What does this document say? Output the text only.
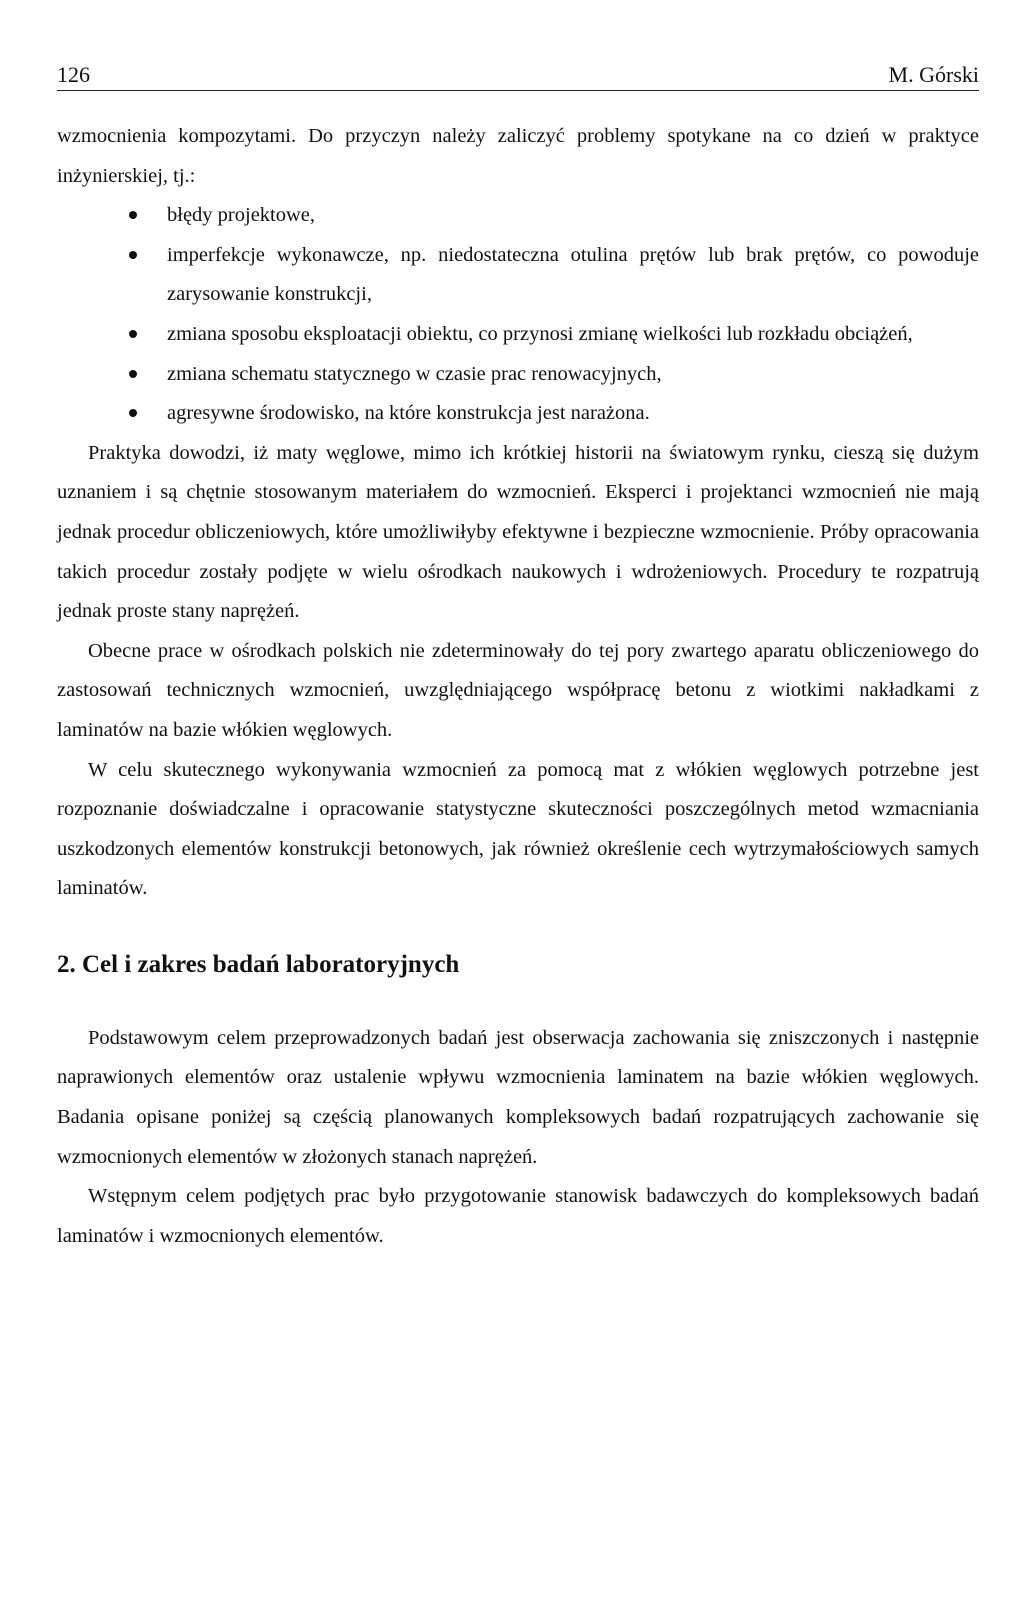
126	M. Górski

wzmocnienia kompozytami. Do przyczyn należy zaliczyć problemy spotykane na co dzień w praktyce inżynierskiej, tj.:

błędy projektowe,
imperfekcje wykonawcze, np. niedostateczna otulina prętów lub brak prętów, co powoduje zarysowanie konstrukcji,
zmiana sposobu eksploatacji obiektu, co przynosi zmianę wielkości lub rozkładu obciążeń,
zmiana schematu statycznego w czasie prac renowacyjnych,
agresywne środowisko, na które konstrukcja jest narażona.

Praktyka dowodzi, iż maty węglowe, mimo ich krótkiej historii na światowym rynku, cieszą się dużym uznaniem i są chętnie stosowanym materiałem do wzmocnień. Eksperci i projektanci wzmocnień nie mają jednak procedur obliczeniowych, które umożliwiłyby efektywne i bezpieczne wzmocnienie. Próby opracowania takich procedur zostały podjęte w wielu ośrodkach naukowych i wdrożeniowych. Procedury te rozpatrują jednak proste stany naprężeń.

Obecne prace w ośrodkach polskich nie zdeterminowały do tej pory zwartego aparatu obliczeniowego do zastosowań technicznych wzmocnień, uwzględniającego współpracę betonu z wiotkimi nakładkami z laminatów na bazie włókien węglowych.

W celu skutecznego wykonywania wzmocnień za pomocą mat z włókien węglowych potrzebne jest rozpoznanie doświadczalne i opracowanie statystyczne skuteczności poszczególnych metod wzmacniania uszkodzonych elementów konstrukcji betonowych, jak również określenie cech wytrzymałościowych samych laminatów.

2. Cel i zakres badań laboratoryjnych

Podstawowym celem przeprowadzonych badań jest obserwacja zachowania się zniszczonych i następnie naprawionych elementów oraz ustalenie wpływu wzmocnienia laminatem na bazie włókien węglowych. Badania opisane poniżej są częścią planowanych kompleksowych badań rozpatrujących zachowanie się wzmocnionych elementów w złożonych stanach naprężeń.

Wstępnym celem podjętych prac było przygotowanie stanowisk badawczych do kompleksowych badań laminatów i wzmocnionych elementów.
